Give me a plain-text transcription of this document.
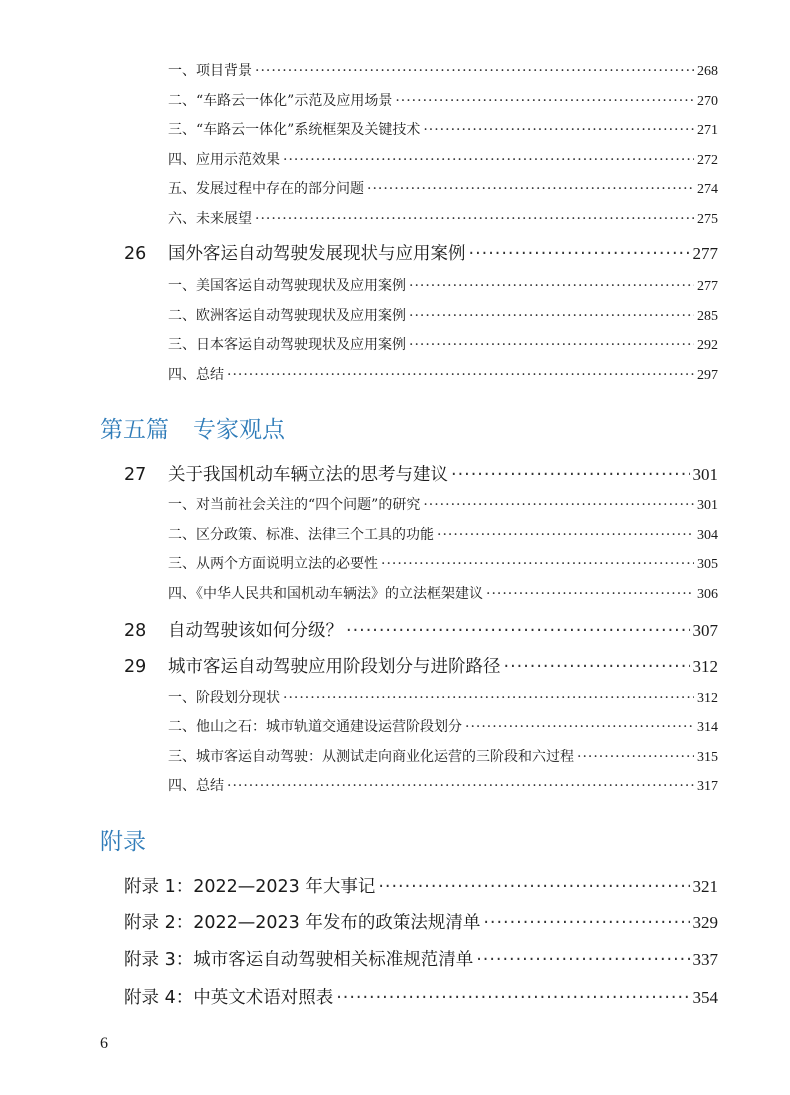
一、项目背景 ·····	268
二、“车路云一体化”示范及应用场景 ·····	270
三、“车路云一体化”系统框架及关键技术 ·····	271
四、应用示范效果 ·····	272
五、发展过程中存在的部分问题 ·····	274
六、未来展望 ·····	275
26	国外客运自动驾驶发展现状与应用案例 ·····	277
一、美国客运自动驾驶现状及应用案例 ·····	277
二、欧洲客运自动驾驶现状及应用案例 ·····	285
三、日本客运自动驾驶现状及应用案例 ·····	292
四、总结 ·····	297
第五篇 专家观点
27	关于我国机动车辆立法的思考与建议 ·····	301
一、对当前社会关注的“四个问题”的研究 ·····	301
二、区分政策、标准、法律三个工具的功能 ·····	304
三、从两个方面说明立法的必要性 ·····	305
四、《中华人民共和国机动车辆法》的立法框架建议 ·····	306
28	自动驾驶该如何分级？ ·····	307
29	城市客运自动驾驶应用阶段划分与进阶路径 ·····	312
一、阶段划分现状 ·····	312
二、他山之石：城市轨道交通建设运营阶段划分 ·····	314
三、城市客运自动驾驶：从测试走向商业化运营的三阶段和六过程 ·····	315
四、总结 ·····	317
附录
附录 1：2022—2023 年大事记 ·····	321
附录 2：2022—2023 年发布的政策法规清单 ·····	329
附录 3：城市客运自动驾驶相关标准规范清单 ·····	337
附录 4：中英文术语对照表 ·····	354
6
